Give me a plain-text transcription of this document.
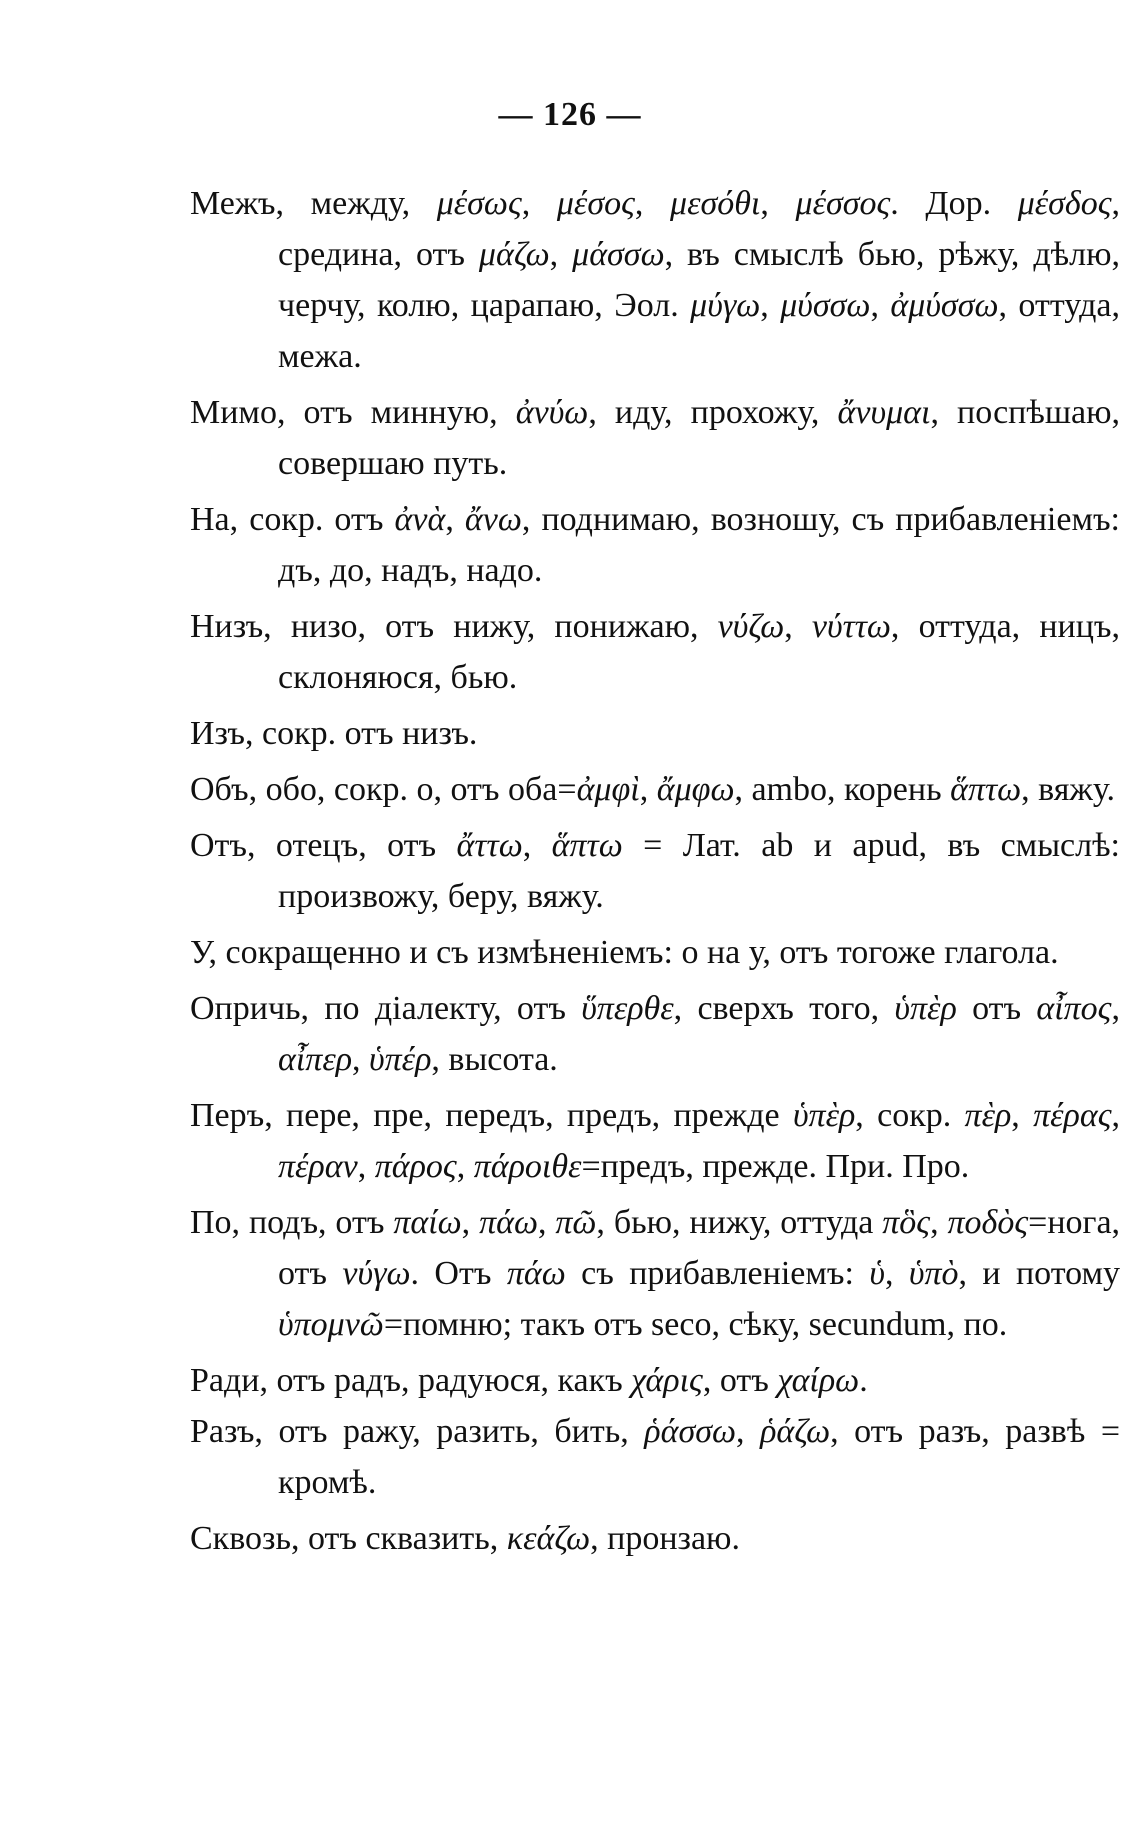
— 126 —

Межъ, между, μέσως, μέσος, μεσόθι, μέσσος. Дор. μέσδος, средина, отъ μάζω, μάσσω, въ смыслѣ бью, рѣжу, дѣлю, черчу, колю, царапаю, Эол. μύγω, μύσσω, ἀμύσσω, оттуда, межа.

Мимо, отъ минную, ἀνύω, иду, прохожу, ἄνυμαι, поспѣшаю, совершаю путь.

На, сокр. отъ ἀνὰ, ἄνω, поднимаю, возношу, съ прибавленіемъ: дъ, до, надъ, надо.

Низъ, низо, отъ нижу, понижаю, νύζω, νύττω, оттуда, ницъ, склоняюся, бью.

Изъ, сокр. отъ низъ.

Объ, обо, сокр. о, отъ оба=ἀμφὶ, ἄμφω, ambo, корень ἅπτω, вяжу.

Отъ, отецъ, отъ ἄττω, ἅπτω = Лат. ab и apud, въ смыслѣ: произвожу, беру, вяжу.

У, сокращенно и съ измѣненіемъ: о на у, отъ тогоже глагола.

Опричь, по діалекту, отъ ὕπερθε, сверхъ того, ὑπὲρ отъ αἶπος, αἶπερ, ὑπέρ, высота.

Перъ, пере, пре, передъ, предъ, прежде ὑπὲρ, сокр. πὲρ, πέρας, πέραν, πάρος, πάροιθε=предъ, прежде. При. Про.

По, подъ, отъ παίω, πάω, πῶ, бью, нижу, оттуда πὃς, ποδὸς=нога, отъ νύγω. Отъ πάω съ прибавленіемъ: ὑ, ὑπὸ, и потому ὑπομνῶ=помню; такъ отъ seco, сѣку, secundum, по.

Ради, отъ радъ, радуюся, какъ χάρις, отъ χαίρω.

Разъ, отъ ражу, разить, бить, ῥάσσω, ῥάζω, отъ разъ, развѣ = кромѣ.

Сквозь, отъ сквазить, κεάζω, пронзаю.
